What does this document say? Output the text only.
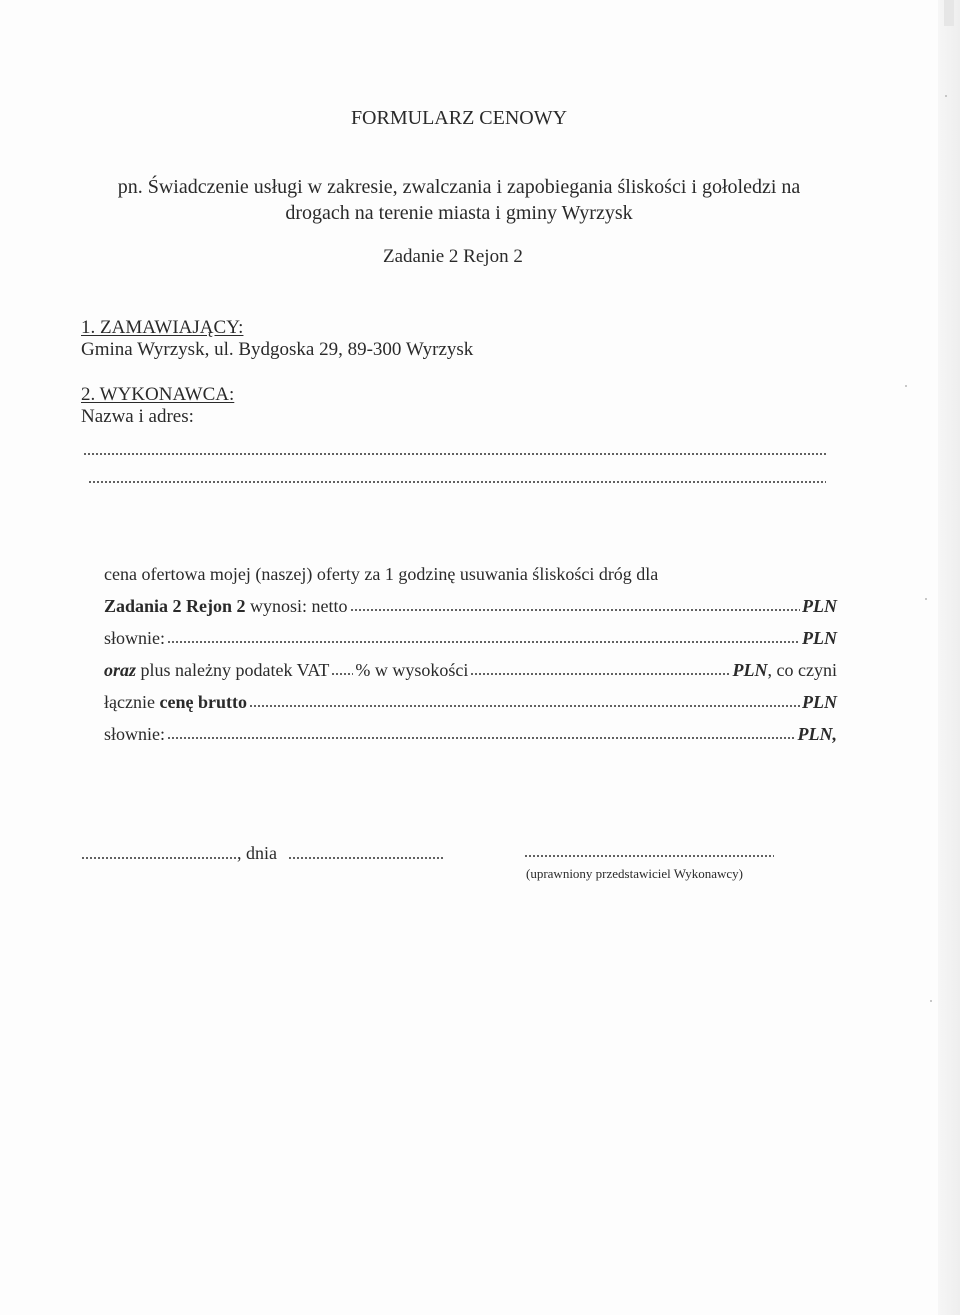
FORMULARZ CENOWY
pn. Świadczenie usługi w zakresie, zwalczania i zapobiegania śliskości i gołoledzi na
drogach na terenie miasta i gminy Wyrzysk
Zadanie 2 Rejon 2
1. ZAMAWIAJĄCY:
Gmina Wyrzysk, ul. Bydgoska 29, 89-300 Wyrzysk
2. WYKONAWCA:
Nazwa i adres:
cena ofertowa mojej (naszej) oferty za 1 godzinę usuwania śliskości dróg dla
Zadania 2 Rejon 2
wynosi: netto	PLN
słownie:	PLN
oraz
plus należny podatek VAT % w wysokości	PLN , co czyni
łącznie
cenę brutto	PLN
słownie:	PLN,
, dnia
(uprawniony przedstawiciel Wykonawcy)
